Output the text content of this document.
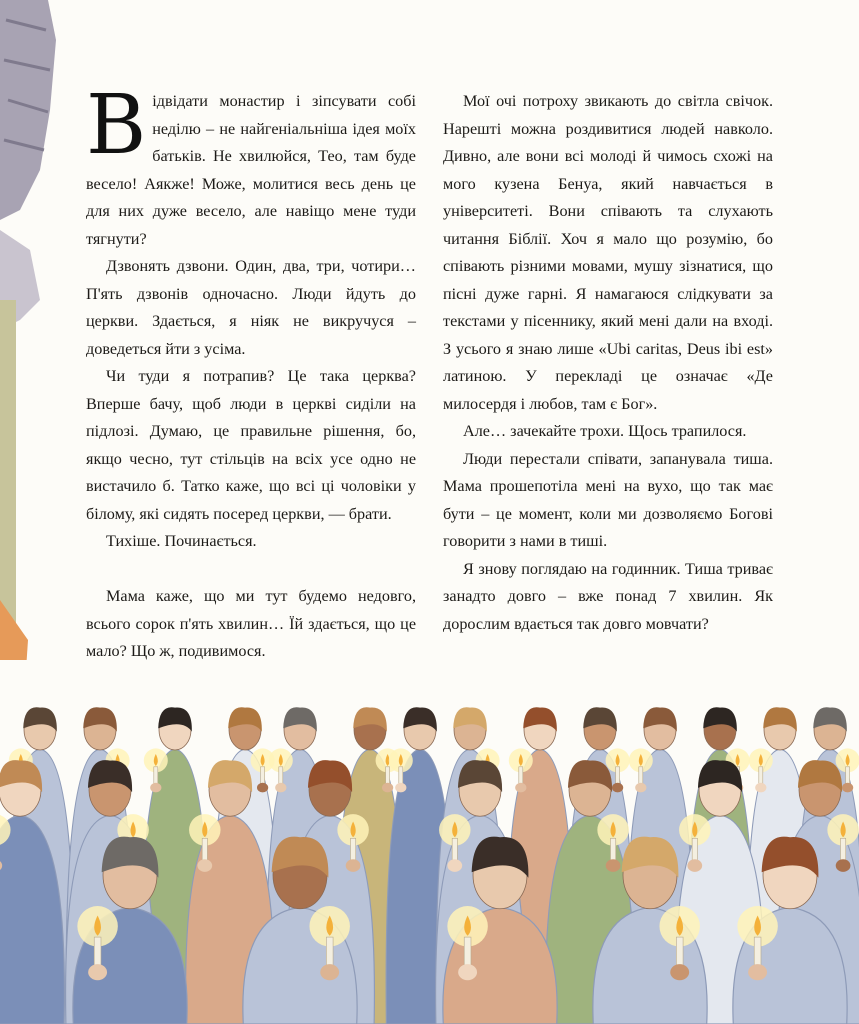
Відвідати монастир і зіпсувати собі неділю – не найгеніальніша ідея моїх батьків. Не хвилюйся, Тео, там буде весело! Аякже! Може, молитися весь день це для них дуже весело, але навіщо мене туди тягнути?

Дзвонять дзвони. Один, два, три, чотири… П'ять дзвонів одночасно. Люди йдуть до церкви. Здається, я ніяк не викручуся – доведеться йти з усіма.

Чи туди я потрапив? Це така церква? Вперше бачу, щоб люди в церкві сиділи на підлозі. Думаю, це правильне рішення, бо, якщо чесно, тут стільців на всіх усе одно не вистачило б. Татко каже, що всі ці чоловіки у білому, які сидять посеред церкви, — брати.

Тихіше. Починається.

Мама каже, що ми тут будемо недовго, всього сорок п'ять хвилин… Їй здається, що це мало? Що ж, подивимося.

Мої очі потроху звикають до світла свічок. Нарешті можна роздивитися людей навколо. Дивно, але вони всі молоді й чимось схожі на мого кузена Бенуа, який навчається в університеті. Вони співають та слухають читання Біблії. Хоч я мало що розумію, бо співають різними мовами, мушу зізнатися, що пісні дуже гарні. Я намагаюся слідкувати за текстами у пісеннику, який мені дали на вході. З усього я знаю лише «Ubi caritas, Deus ibi est» латиною. У перекладі це означає «Де милосердя і любов, там є Бог».

Але… зачекайте трохи. Щось трапилося.

Люди перестали співати, запанувала тиша. Мама прошепотіла мені на вухо, що так має бути – це момент, коли ми дозволяємо Богові говорити з нами в тиші.

Я знову поглядаю на годинник. Тиша триває занадто довго – вже понад 7 хвилин. Як дорослим вдається так довго мовчати?
